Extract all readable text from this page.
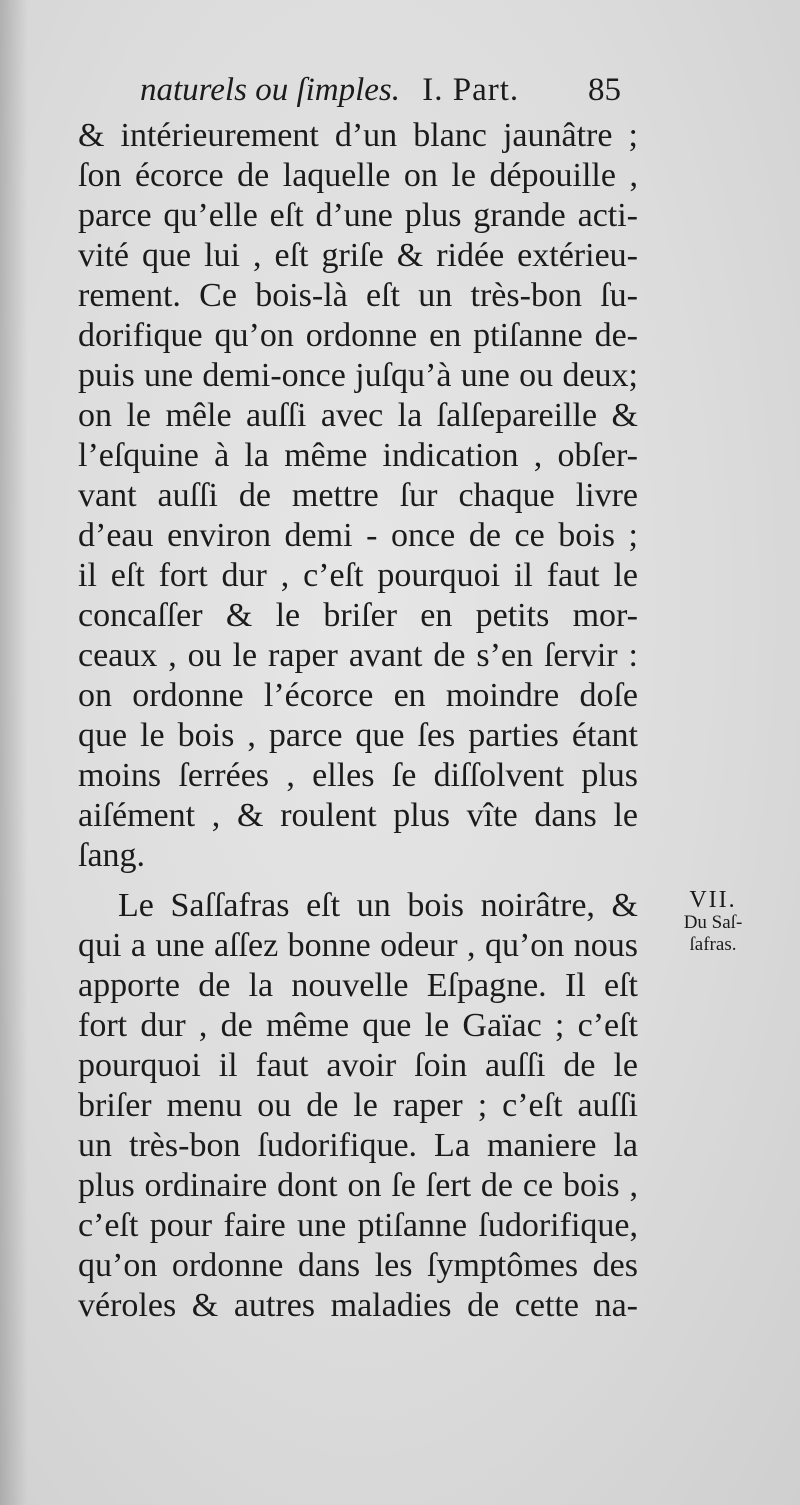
naturels ou ſimples. I. Part. 85
& intérieurement d’un blanc jaunâtre ;
ſon écorce de laquelle on le dépouille ,
parce qu’elle eſt d’une plus grande acti-
vité que lui , eſt griſe & ridée extérieu-
rement. Ce bois-là eſt un très-bon ſu-
dorifique qu’on ordonne en ptiſanne de-
puis une demi-once juſqu’à une ou deux;
on le mêle auſſi avec la ſalſepareille &
l’eſquine à la même indication , obſer-
vant auſſi de mettre ſur chaque livre
d’eau environ demi - once de ce bois ;
il eſt fort dur , c’eſt pourquoi il faut le
concaſſer & le briſer en petits mor-
ceaux , ou le raper avant de s’en ſervir :
on ordonne l’écorce en moindre doſe
que le bois , parce que ſes parties étant
moins ſerrées , elles ſe diſſolvent plus
aiſément , & roulent plus vîte dans le
ſang.
Le Saſſafras eſt un bois noirâtre, &
qui a une aſſez bonne odeur , qu’on nous
apporte de la nouvelle Eſpagne. Il eſt
fort dur , de même que le Gaïac ; c’eſt
pourquoi il faut avoir ſoin auſſi de le
briſer menu ou de le raper ; c’eſt auſſi
un très-bon ſudorifique. La maniere la
plus ordinaire dont on ſe ſert de ce bois ,
c’eſt pour faire une ptiſanne ſudorifique,
qu’on ordonne dans les ſymptômes des
véroles & autres maladies de cette na-
VII.
Du Saſ-
ſafras.
